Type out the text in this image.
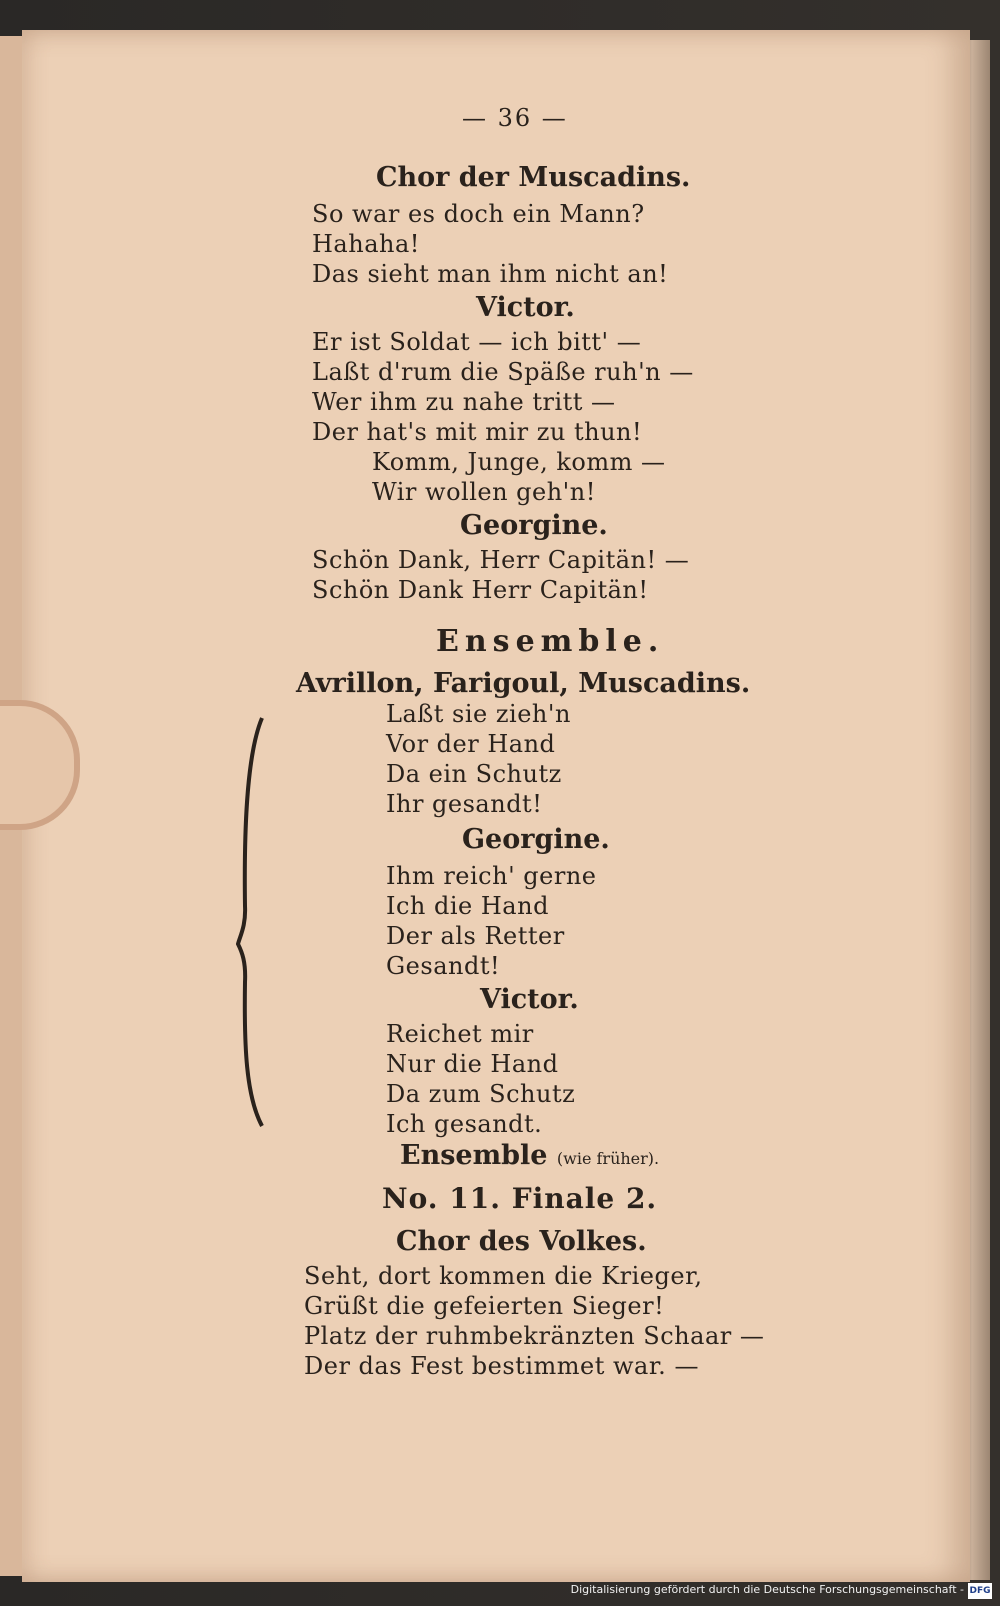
— 36 —
Chor der Muscadins.
So war es doch ein Mann?
Hahaha!
Das sieht man ihm nicht an!
Victor.
Er ist Soldat — ich bitt' —
Laßt d'rum die Späße ruh'n —
Wer ihm zu nahe tritt —
Der hat's mit mir zu thun!
Komm, Junge, komm —
Wir wollen geh'n!
Georgine.
Schön Dank, Herr Capitän! —
Schön Dank Herr Capitän!
Ensemble.
Avrillon, Farigoul, Muscadins.
Laßt sie zieh'n
Vor der Hand
Da ein Schutz
Ihr gesandt!
Georgine.
Ihm reich' gerne
Ich die Hand
Der als Retter
Gesandt!
Victor.
Reichet mir
Nur die Hand
Da zum Schutz
Ich gesandt.
Ensemble (wie früher).
No. 11. Finale 2.
Chor des Volkes.
Seht, dort kommen die Krieger,
Grüßt die gefeierten Sieger!
Platz der ruhmbekränzten Schaar —
Der das Fest bestimmet war. —
Digitalisierung gefördert durch die Deutsche Forschungsgemeinschaft - DFG
